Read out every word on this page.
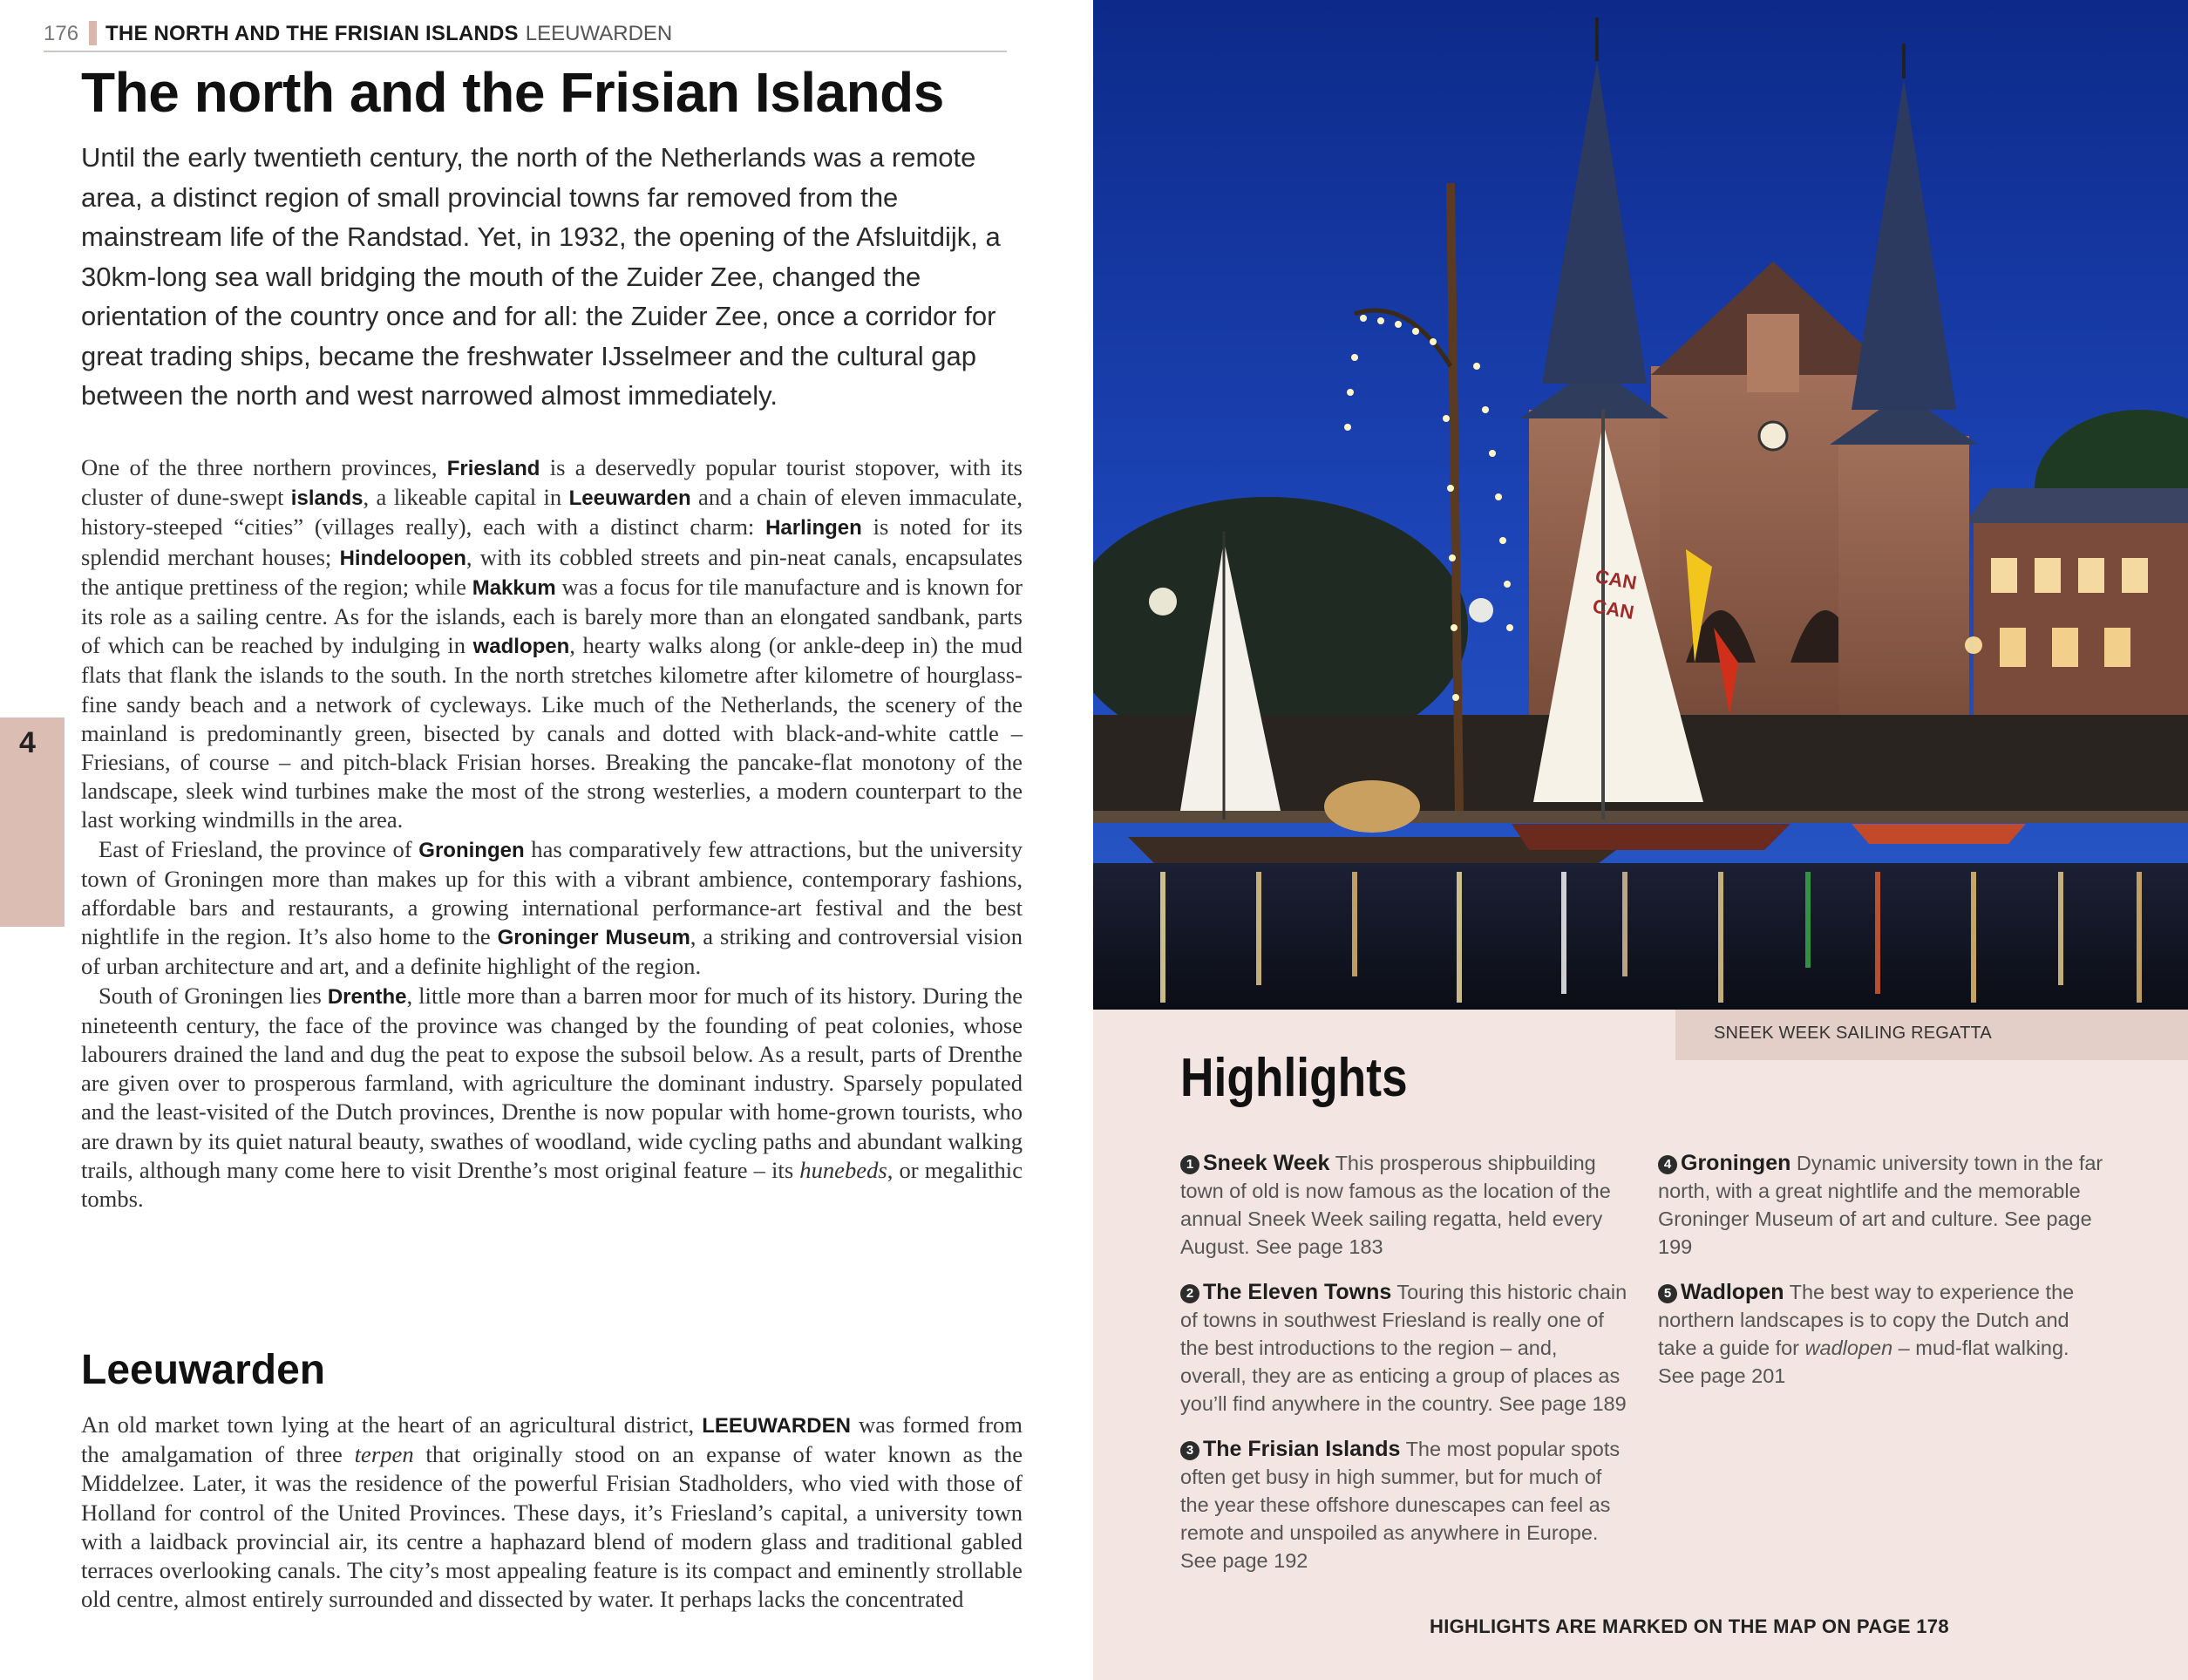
176 THE NORTH AND THE FRISIAN ISLANDS LEEUWARDEN
4
The north and the Frisian Islands

Until the early twentieth century, the north of the Netherlands was a remote area, a distinct region of small provincial towns far removed from the mainstream life of the Randstad. Yet, in 1932, the opening of the Afsluitdijk, a 30km-long sea wall bridging the mouth of the Zuider Zee, changed the orientation of the country once and for all: the Zuider Zee, once a corridor for great trading ships, became the freshwater IJsselmeer and the cultural gap between the north and west narrowed almost immediately.

One of the three northern provinces, Friesland is a deservedly popular tourist stopover, with its cluster of dune-swept islands, a likeable capital in Leeuwarden and a chain of eleven immaculate, history-steeped “cities” (villages really), each with a distinct charm: Harlingen is noted for its splendid merchant houses; Hindeloopen, with its cobbled streets and pin-neat canals, encapsulates the antique prettiness of the region; while Makkum was a focus for tile manufacture and is known for its role as a sailing centre. As for the islands, each is barely more than an elongated sandbank, parts of which can be reached by indulging in wadlopen, hearty walks along (or ankle-deep in) the mud flats that flank the islands to the south. In the north stretches kilometre after kilometre of hourglass-fine sandy beach and a network of cycleways. Like much of the Netherlands, the scenery of the mainland is predominantly green, bisected by canals and dotted with black-and-white cattle – Friesians, of course – and pitch-black Frisian horses. Breaking the pancake-flat monotony of the landscape, sleek wind turbines make the most of the strong westerlies, a modern counterpart to the last working windmills in the area.

East of Friesland, the province of Groningen has comparatively few attractions, but the university town of Groningen more than makes up for this with a vibrant ambience, contemporary fashions, affordable bars and restaurants, a growing international performance-art festival and the best nightlife in the region. It’s also home to the Groninger Museum, a striking and controversial vision of urban architecture and art, and a definite highlight of the region.

South of Groningen lies Drenthe, little more than a barren moor for much of its history. During the nineteenth century, the face of the province was changed by the founding of peat colonies, whose labourers drained the land and dug the peat to expose the subsoil below. As a result, parts of Drenthe are given over to prosperous farmland, with agriculture the dominant industry. Sparsely populated and the least-visited of the Dutch provinces, Drenthe is now popular with home-grown tourists, who are drawn by its quiet natural beauty, swathes of woodland, wide cycling paths and abundant walking trails, although many come here to visit Drenthe’s most original feature – its hunebeds, or megalithic tombs.

Leeuwarden

An old market town lying at the heart of an agricultural district, LEEUWARDEN was formed from the amalgamation of three terpen that originally stood on an expanse of water known as the Middelzee. Later, it was the residence of the powerful Frisian Stadholders, who vied with those of Holland for control of the United Provinces. These days, it’s Friesland’s capital, a university town with a laidback provincial air, its centre a haphazard blend of modern glass and traditional gabled terraces overlooking canals. The city’s most appealing feature is its compact and eminently strollable old centre, almost entirely surrounded and dissected by water. It perhaps lacks the concentrated

CAN
CAN
SNEEK WEEK SAILING REGATTA
Highlights

1 Sneek Week This prosperous shipbuilding town of old is now famous as the location of the annual Sneek Week sailing regatta, held every August. See page 183

2 The Eleven Towns Touring this historic chain of towns in southwest Friesland is really one of the best introductions to the region – and, overall, they are as enticing a group of places as you’ll find anywhere in the country. See page 189

3 The Frisian Islands The most popular spots often get busy in high summer, but for much of the year these offshore dunescapes can feel as remote and unspoiled as anywhere in Europe. See page 192

4 Groningen Dynamic university town in the far north, with a great nightlife and the memorable Groninger Museum of art and culture. See page 199

5 Wadlopen The best way to experience the northern landscapes is to copy the Dutch and take a guide for wadlopen – mud-flat walking. See page 201

HIGHLIGHTS ARE MARKED ON THE MAP ON PAGE 178
